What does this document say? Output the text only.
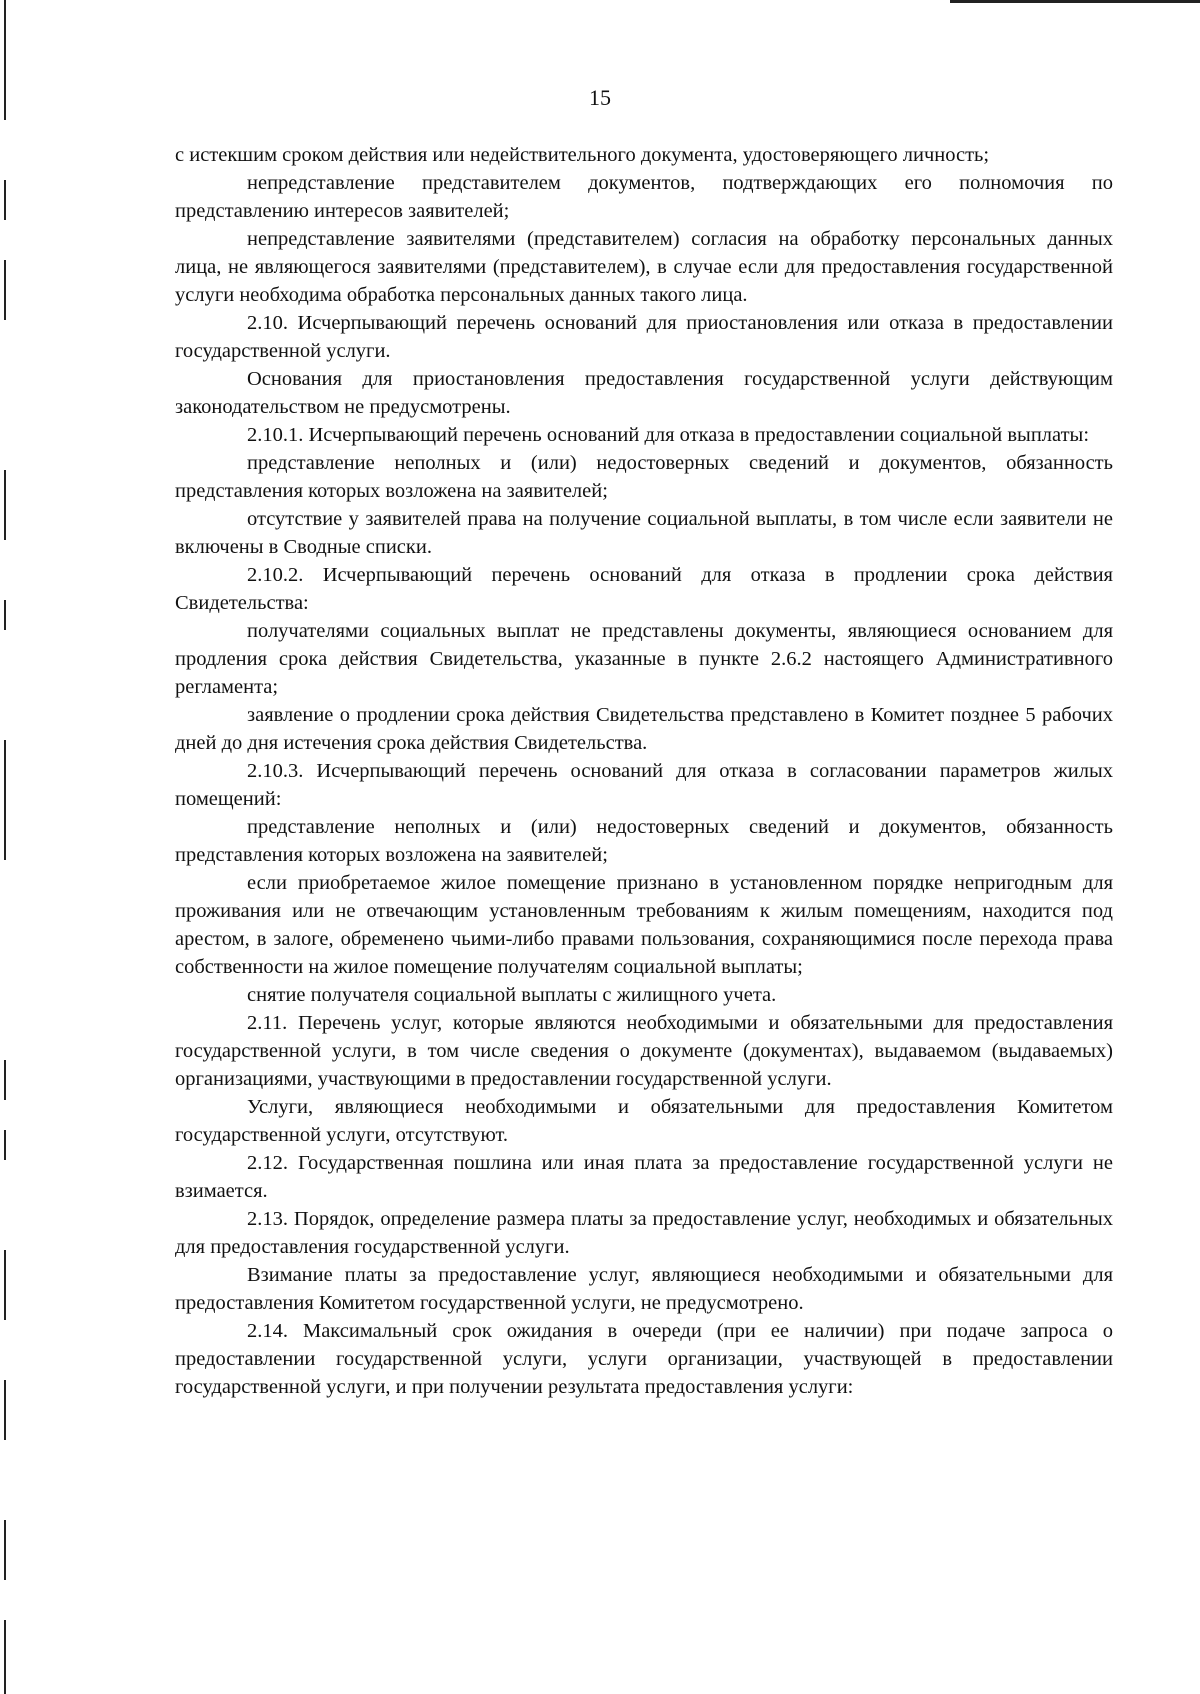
15

с истекшим сроком действия или недействительного документа, удостоверяющего личность;

непредставление представителем документов, подтверждающих его полномочия по представлению интересов заявителей;

непредставление заявителями (представителем) согласия на обработку персональных данных лица, не являющегося заявителями (представителем), в случае если для предоставления государственной услуги необходима обработка персональных данных такого лица.

2.10. Исчерпывающий перечень оснований для приостановления или отказа в предоставлении государственной услуги.

Основания для приостановления предоставления государственной услуги действующим законодательством не предусмотрены.

2.10.1. Исчерпывающий перечень оснований для отказа в предоставлении социальной выплаты:

представление неполных и (или) недостоверных сведений и документов, обязанность представления которых возложена на заявителей;

отсутствие у заявителей права на получение социальной выплаты, в том числе если заявители не включены в Сводные списки.

2.10.2. Исчерпывающий перечень оснований для отказа в продлении срока действия Свидетельства:

получателями социальных выплат не представлены документы, являющиеся основанием для продления срока действия Свидетельства, указанные в пункте 2.6.2 настоящего Административного регламента;

заявление о продлении срока действия Свидетельства представлено в Комитет позднее 5 рабочих дней до дня истечения срока действия Свидетельства.

2.10.3. Исчерпывающий перечень оснований для отказа в согласовании параметров жилых помещений:

представление неполных и (или) недостоверных сведений и документов, обязанность представления которых возложена на заявителей;

если приобретаемое жилое помещение признано в установленном порядке непригодным для проживания или не отвечающим установленным требованиям к жилым помещениям, находится под арестом, в залоге, обременено чьими-либо правами пользования, сохраняющимися после перехода права собственности на жилое помещение получателям социальной выплаты;

снятие получателя социальной выплаты с жилищного учета.

2.11. Перечень услуг, которые являются необходимыми и обязательными для предоставления государственной услуги, в том числе сведения о документе (документах), выдаваемом (выдаваемых) организациями, участвующими в предоставлении государственной услуги.

Услуги, являющиеся необходимыми и обязательными для предоставления Комитетом государственной услуги, отсутствуют.

2.12. Государственная пошлина или иная плата за предоставление государственной услуги не взимается.

2.13. Порядок, определение размера платы за предоставление услуг, необходимых и обязательных для предоставления государственной услуги.

Взимание платы за предоставление услуг, являющиеся необходимыми и обязательными для предоставления Комитетом государственной услуги, не предусмотрено.

2.14. Максимальный срок ожидания в очереди (при ее наличии) при подаче запроса о предоставлении государственной услуги, услуги организации, участвующей в предоставлении государственной услуги, и при получении результата предоставления услуги:
